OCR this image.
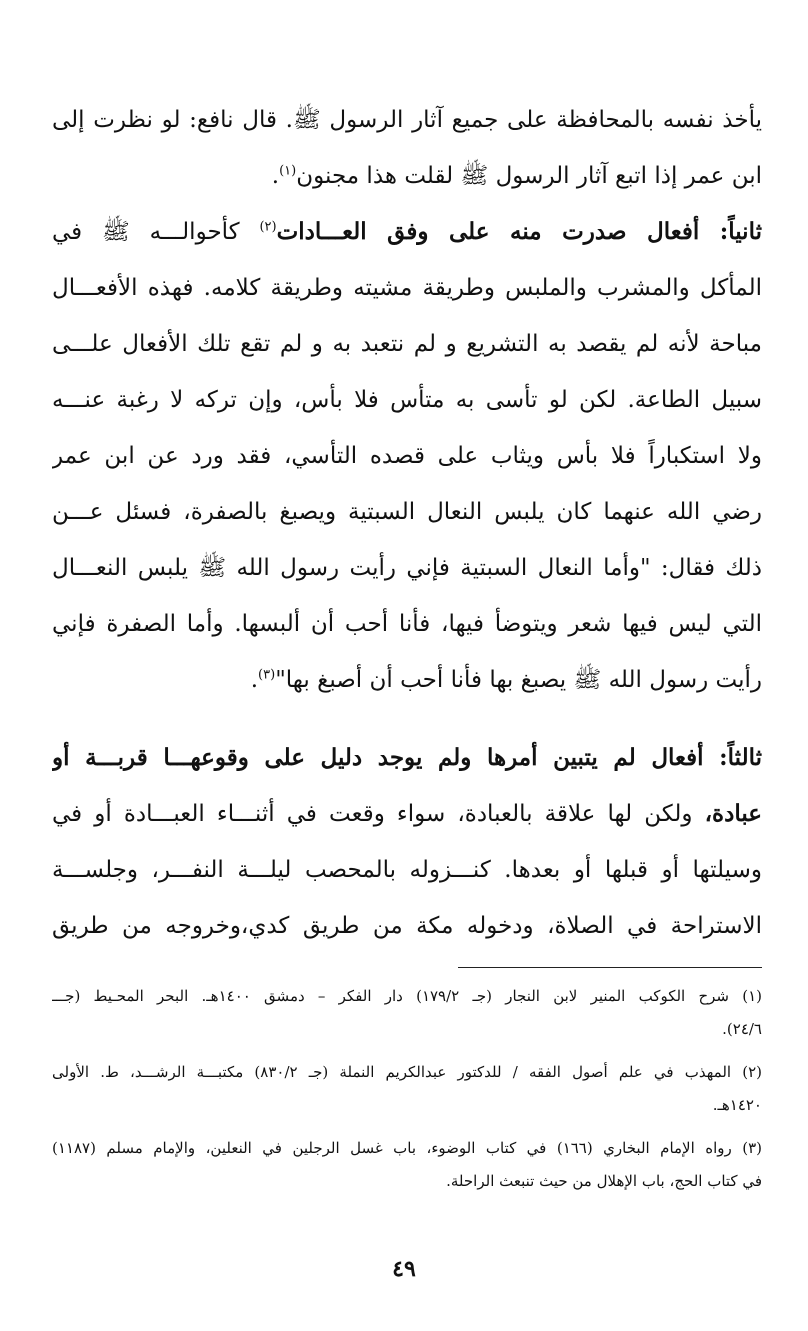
يأخذ نفسه بالمحافظة على جميع آثار الرسول ﷺ. قال نافع: لو نظرت إلى
ابن عمر إذا اتبع آثار الرسول ﷺ لقلت هذا مجنون$^{(١)}$.
ثانياً: أفعال صدرت منه على وفق العـــادات$^{(٢)}$ كأحوالـــه ﷺ في
المأكل والمشرب والملبس وطريقة مشيته وطريقة كلامه. فهذه الأفعـــال
مباحة لأنه لم يقصد به التشريع و لم نتعبد به و لم تقع تلك الأفعال علـــى
سبيل الطاعة. لكن لو تأسى به متأس فلا بأس، وإن تركه لا رغبة عنـــه
ولا استكباراً فلا بأس ويثاب على قصده التأسي، فقد ورد عن ابن عمر
رضي الله عنهما كان يلبس النعال السبتية ويصبغ بالصفرة، فسئل عـــن
ذلك فقال: "وأما النعال السبتية فإني رأيت رسول الله ﷺ يلبس النعـــال
التي ليس فيها شعر ويتوضأ فيها، فأنا أحب أن ألبسها. وأما الصفرة فإني
رأيت رسول الله ﷺ يصبغ بها فأنا أحب أن أصبغ بها"$^{(٣)}$.
ثالثاً: أفعال لم يتبين أمرها ولم يوجد دليل على وقوعهـــا قربـــة أو
عبادة، ولكن لها علاقة بالعبادة، سواء وقعت في أثنـــاء العبـــادة أو في
وسيلتها أو قبلها أو بعدها. كنـــزوله بالمحصب ليلـــة النفـــر، وجلســـة
الاستراحة في الصلاة، ودخوله مكة من طريق كدي،وخروجه من طريق
(١) شرح الكوكب المنير لابن النجار (جـ ١٧٩/٢) دار الفكر – دمشق ١٤٠٠هـ. البحر المحـيط (جـــ
٢٤/٦).
(٢) المهذب في علم أصول الفقه / للدكتور عبدالكريم النملة (جـ ٨٣٠/٢) مكتبـــة الرشـــد، ط. الأولى
١٤٢٠هـ.
(٣) رواه الإمام البخاري (١٦٦) في كتاب الوضوء، باب غسل الرجلين في النعلين، والإمام مسلم (١١٨٧)
في كتاب الحج، باب الإهلال من حيث تنبعث الراحلة.
٤٩
